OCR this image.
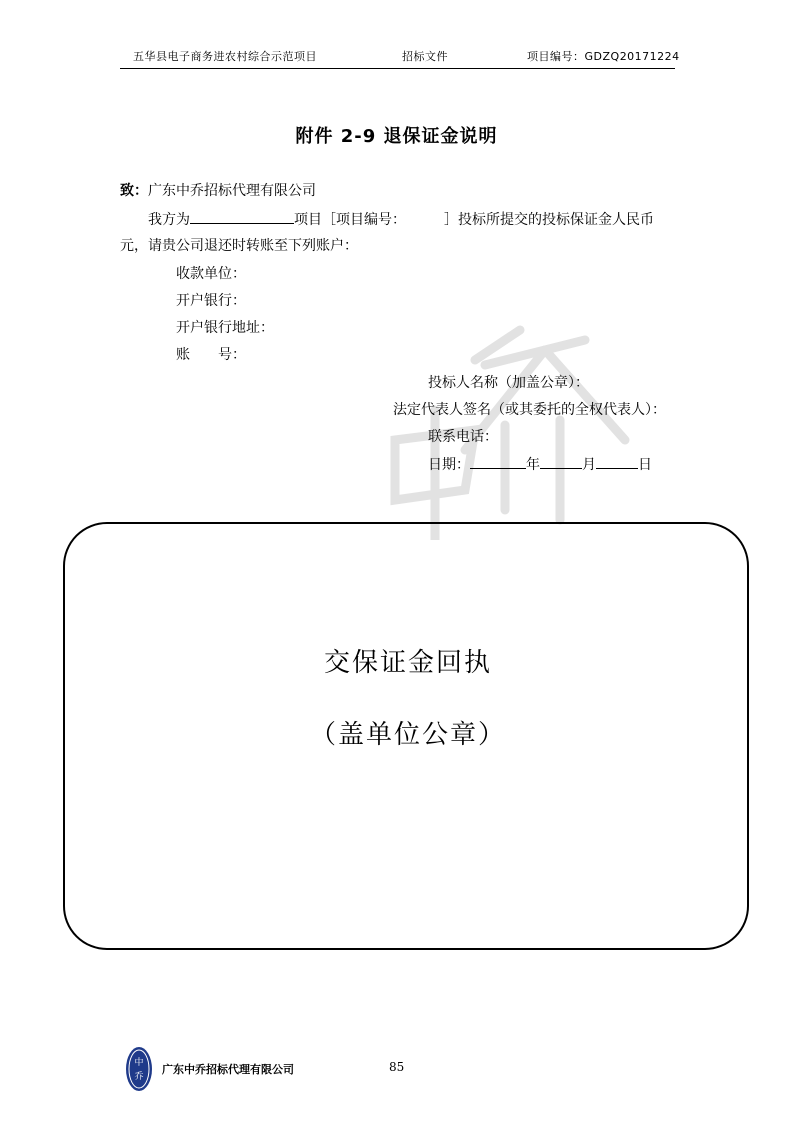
五华县电子商务进农村综合示范项目	招标文件	项目编号：GDZQ20171224
附件 2-9 退保证金说明
致：广东中乔招标代理有限公司
我方为	项目［项目编号：	］投标所提交的投标保证金人民币
元，请贵公司退还时转账至下列账户：
收款单位：
开户银行：
开户银行地址：
账　　号：
投标人名称（加盖公章）：
法定代表人签名（或其委托的全权代表人）：
联系电话：
日期：	年	月	日
交保证金回执
（盖单位公章）
中
乔
广东中乔招标代理有限公司	85
